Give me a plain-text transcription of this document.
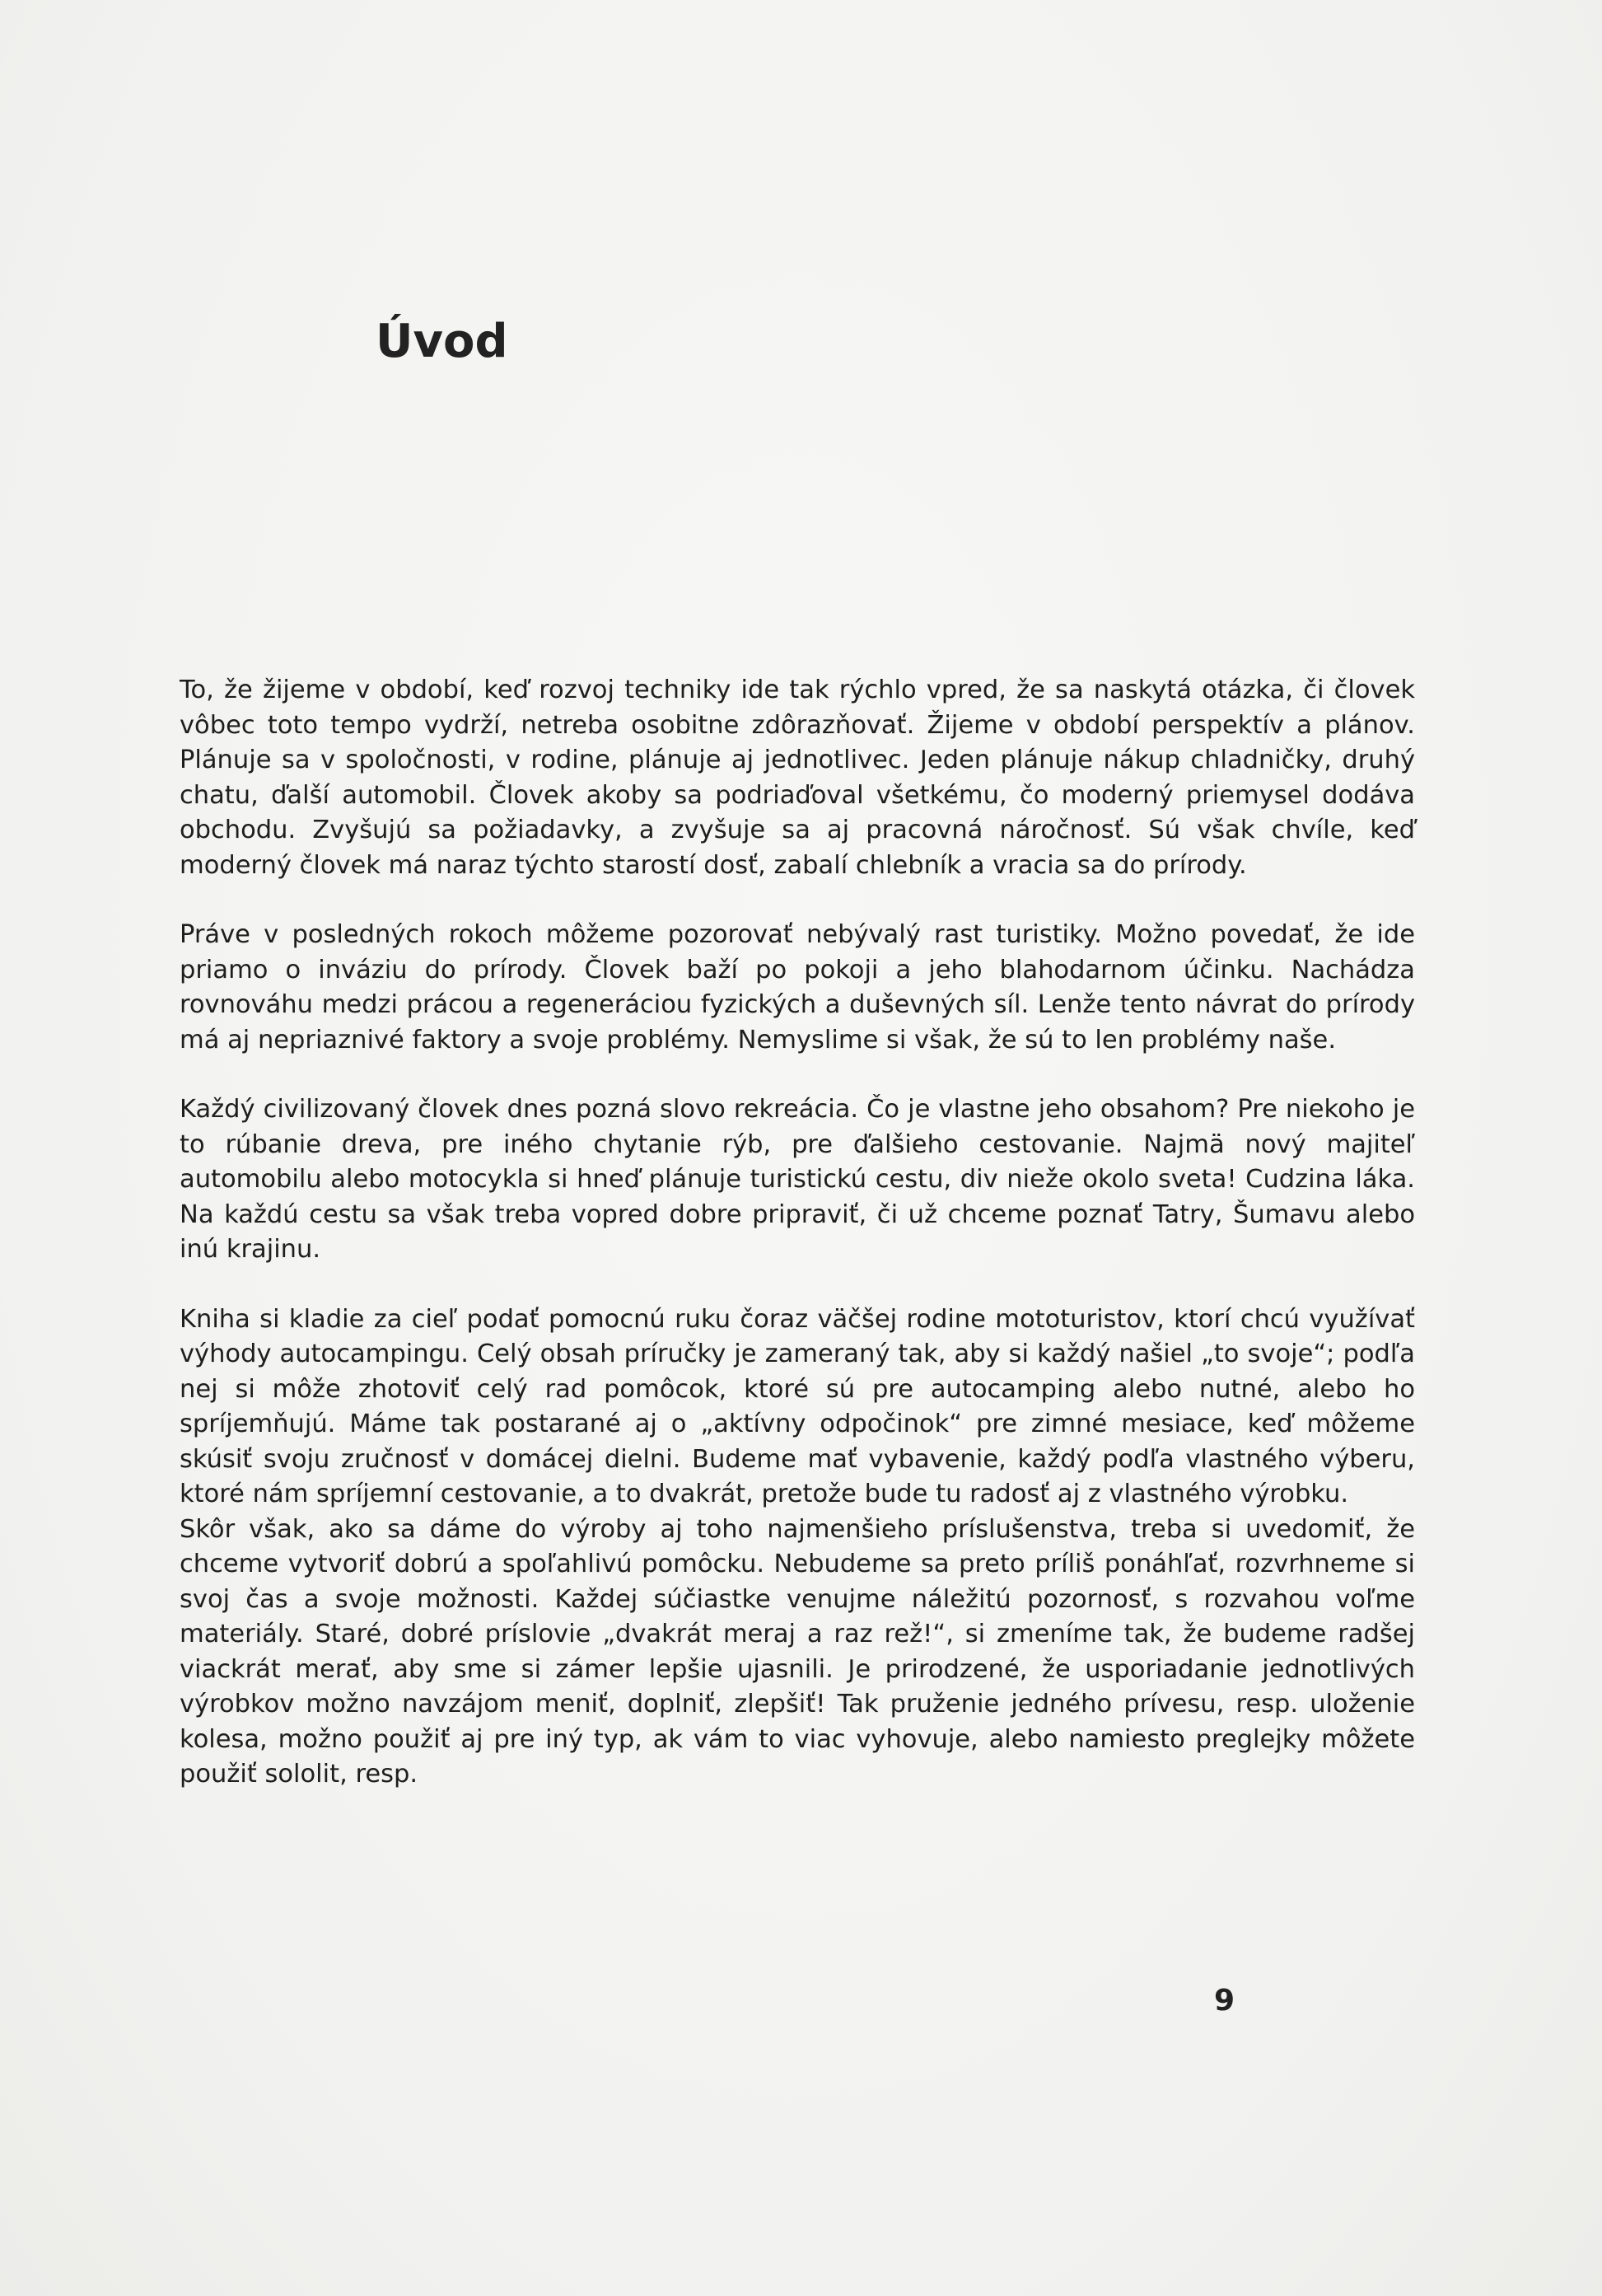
Úvod

To, že žijeme v období, keď rozvoj techniky ide tak rýchlo vpred, že sa naskytá otázka, či človek vôbec toto tempo vydrží, netreba osobitne zdôrazňovať. Žijeme v období perspektív a plánov. Plánuje sa v spoločnosti, v rodine, plánuje aj jednotlivec. Jeden plánuje nákup chladničky, druhý chatu, ďalší automobil. Človek akoby sa podriaďoval všetkému, čo moderný priemysel dodáva obchodu. Zvyšujú sa požiadavky, a zvyšuje sa aj pracovná náročnosť. Sú však chvíle, keď moderný človek má naraz týchto starostí dosť, zabalí chlebník a vracia sa do prírody.

Práve v posledných rokoch môžeme pozorovať nebývalý rast turistiky. Možno povedať, že ide priamo o inváziu do prírody. Človek baží po pokoji a jeho blahodarnom účinku. Nachádza rovnováhu medzi prácou a regeneráciou fyzických a duševných síl. Lenže tento návrat do prírody má aj nepriaznivé faktory a svoje problémy. Nemyslime si však, že sú to len problémy naše.

Každý civilizovaný človek dnes pozná slovo rekreácia. Čo je vlastne jeho obsahom? Pre niekoho je to rúbanie dreva, pre iného chytanie rýb, pre ďalšieho cestovanie. Najmä nový majiteľ automobilu alebo motocykla si hneď plánuje turistickú cestu, div nieže okolo sveta! Cudzina láka. Na každú cestu sa však treba vopred dobre pripraviť, či už chceme poznať Tatry, Šumavu alebo inú krajinu.

Kniha si kladie za cieľ podať pomocnú ruku čoraz väčšej rodine mototuristov, ktorí chcú využívať výhody autocampingu. Celý obsah príručky je zameraný tak, aby si každý našiel „to svoje“; podľa nej si môže zhotoviť celý rad pomôcok, ktoré sú pre autocamping alebo nutné, alebo ho spríjemňujú. Máme tak postarané aj o „aktívny odpočinok“ pre zimné mesiace, keď môžeme skúsiť svoju zručnosť v domácej dielni. Budeme mať vybavenie, každý podľa vlastného výberu, ktoré nám spríjemní cestovanie, a to dvakrát, pretože bude tu radosť aj z vlastného výrobku.

Skôr však, ako sa dáme do výroby aj toho najmenšieho príslušenstva, treba si uvedomiť, že chceme vytvoriť dobrú a spoľahlivú pomôcku. Nebudeme sa preto príliš ponáhľať, rozvrhneme si svoj čas a svoje možnosti. Každej súčiastke venujme náležitú pozornosť, s rozvahou voľme materiály. Staré, dobré príslovie „dvakrát meraj a raz rež!“, si zmeníme tak, že budeme radšej viackrát merať, aby sme si zámer lepšie ujasnili. Je prirodzené, že usporiadanie jednotlivých výrobkov možno navzájom meniť, doplniť, zlepšiť! Tak pruženie jedného prívesu, resp. uloženie kolesa, možno použiť aj pre iný typ, ak vám to viac vyhovuje, alebo namiesto preglejky môžete použiť sololit, resp.

9
